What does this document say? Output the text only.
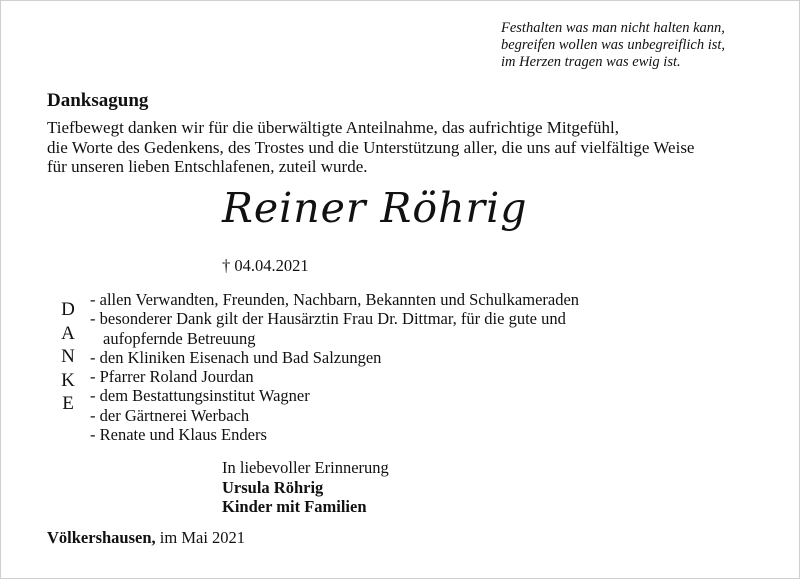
Festhalten was man nicht halten kann,
begreifen wollen was unbegreiflich ist,
im Herzen tragen was ewig ist.
Danksagung
Tiefbewegt danken wir für die überwältigte Anteilnahme, das aufrichtige Mitgefühl,
die Worte des Gedenkens, des Trostes und die Unterstützung aller, die uns auf vielfältige Weise
für unseren lieben Entschlafenen, zuteil wurde.
Reiner Röhrig
† 04.04.2021
D
A
N
K
E
- allen Verwandten, Freunden, Nachbarn, Bekannten und Schulkameraden
- besonderer Dank gilt der Hausärztin Frau Dr. Dittmar, für die gute und
aufopfernde Betreuung
- den Kliniken Eisenach und Bad Salzungen
- Pfarrer Roland Jourdan
- dem Bestattungsinstitut Wagner
- der Gärtnerei Werbach
- Renate und Klaus Enders
In liebevoller Erinnerung
Ursula Röhrig
Kinder mit Familien
Völkershausen, im Mai 2021
